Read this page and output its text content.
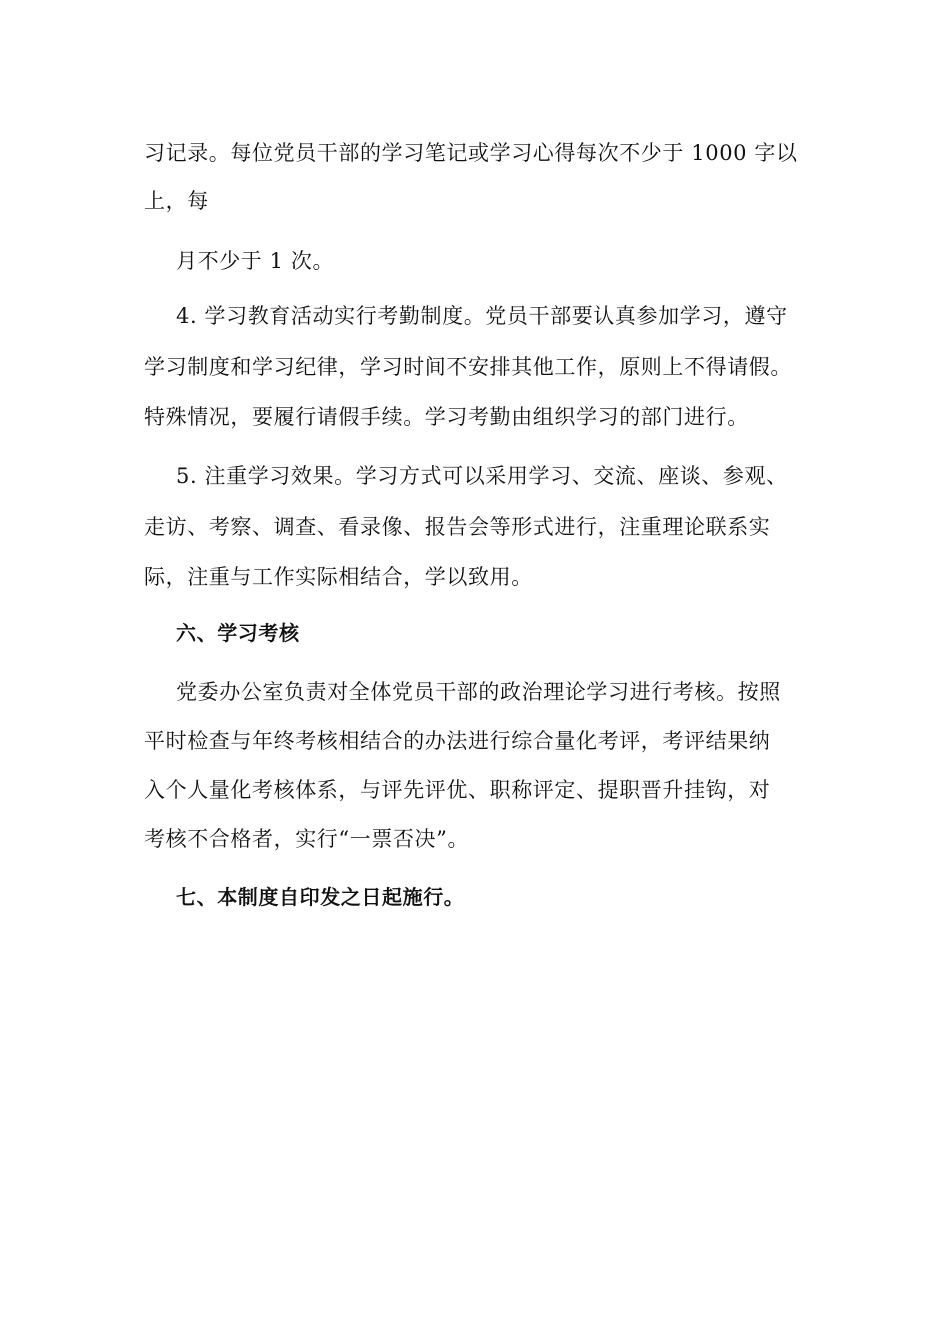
习记录。每位党员干部的学习笔记或学习心得每次不少于 1000 字以
上，每
月不少于 1 次。
4. 学习教育活动实行考勤制度。党员干部要认真参加学习，遵守
学习制度和学习纪律，学习时间不安排其他工作，原则上不得请假。
特殊情况，要履行请假手续。学习考勤由组织学习的部门进行。
5. 注重学习效果。学习方式可以采用学习、交流、座谈、参观、
走访、考察、调查、看录像、报告会等形式进行，注重理论联系实
际，注重与工作实际相结合，学以致用。
六、学习考核
党委办公室负责对全体党员干部的政治理论学习进行考核。按照
平时检查与年终考核相结合的办法进行综合量化考评，考评结果纳
入个人量化考核体系，与评先评优、职称评定、提职晋升挂钩，对
考核不合格者，实行“一票否决”。
七、本制度自印发之日起施行。
